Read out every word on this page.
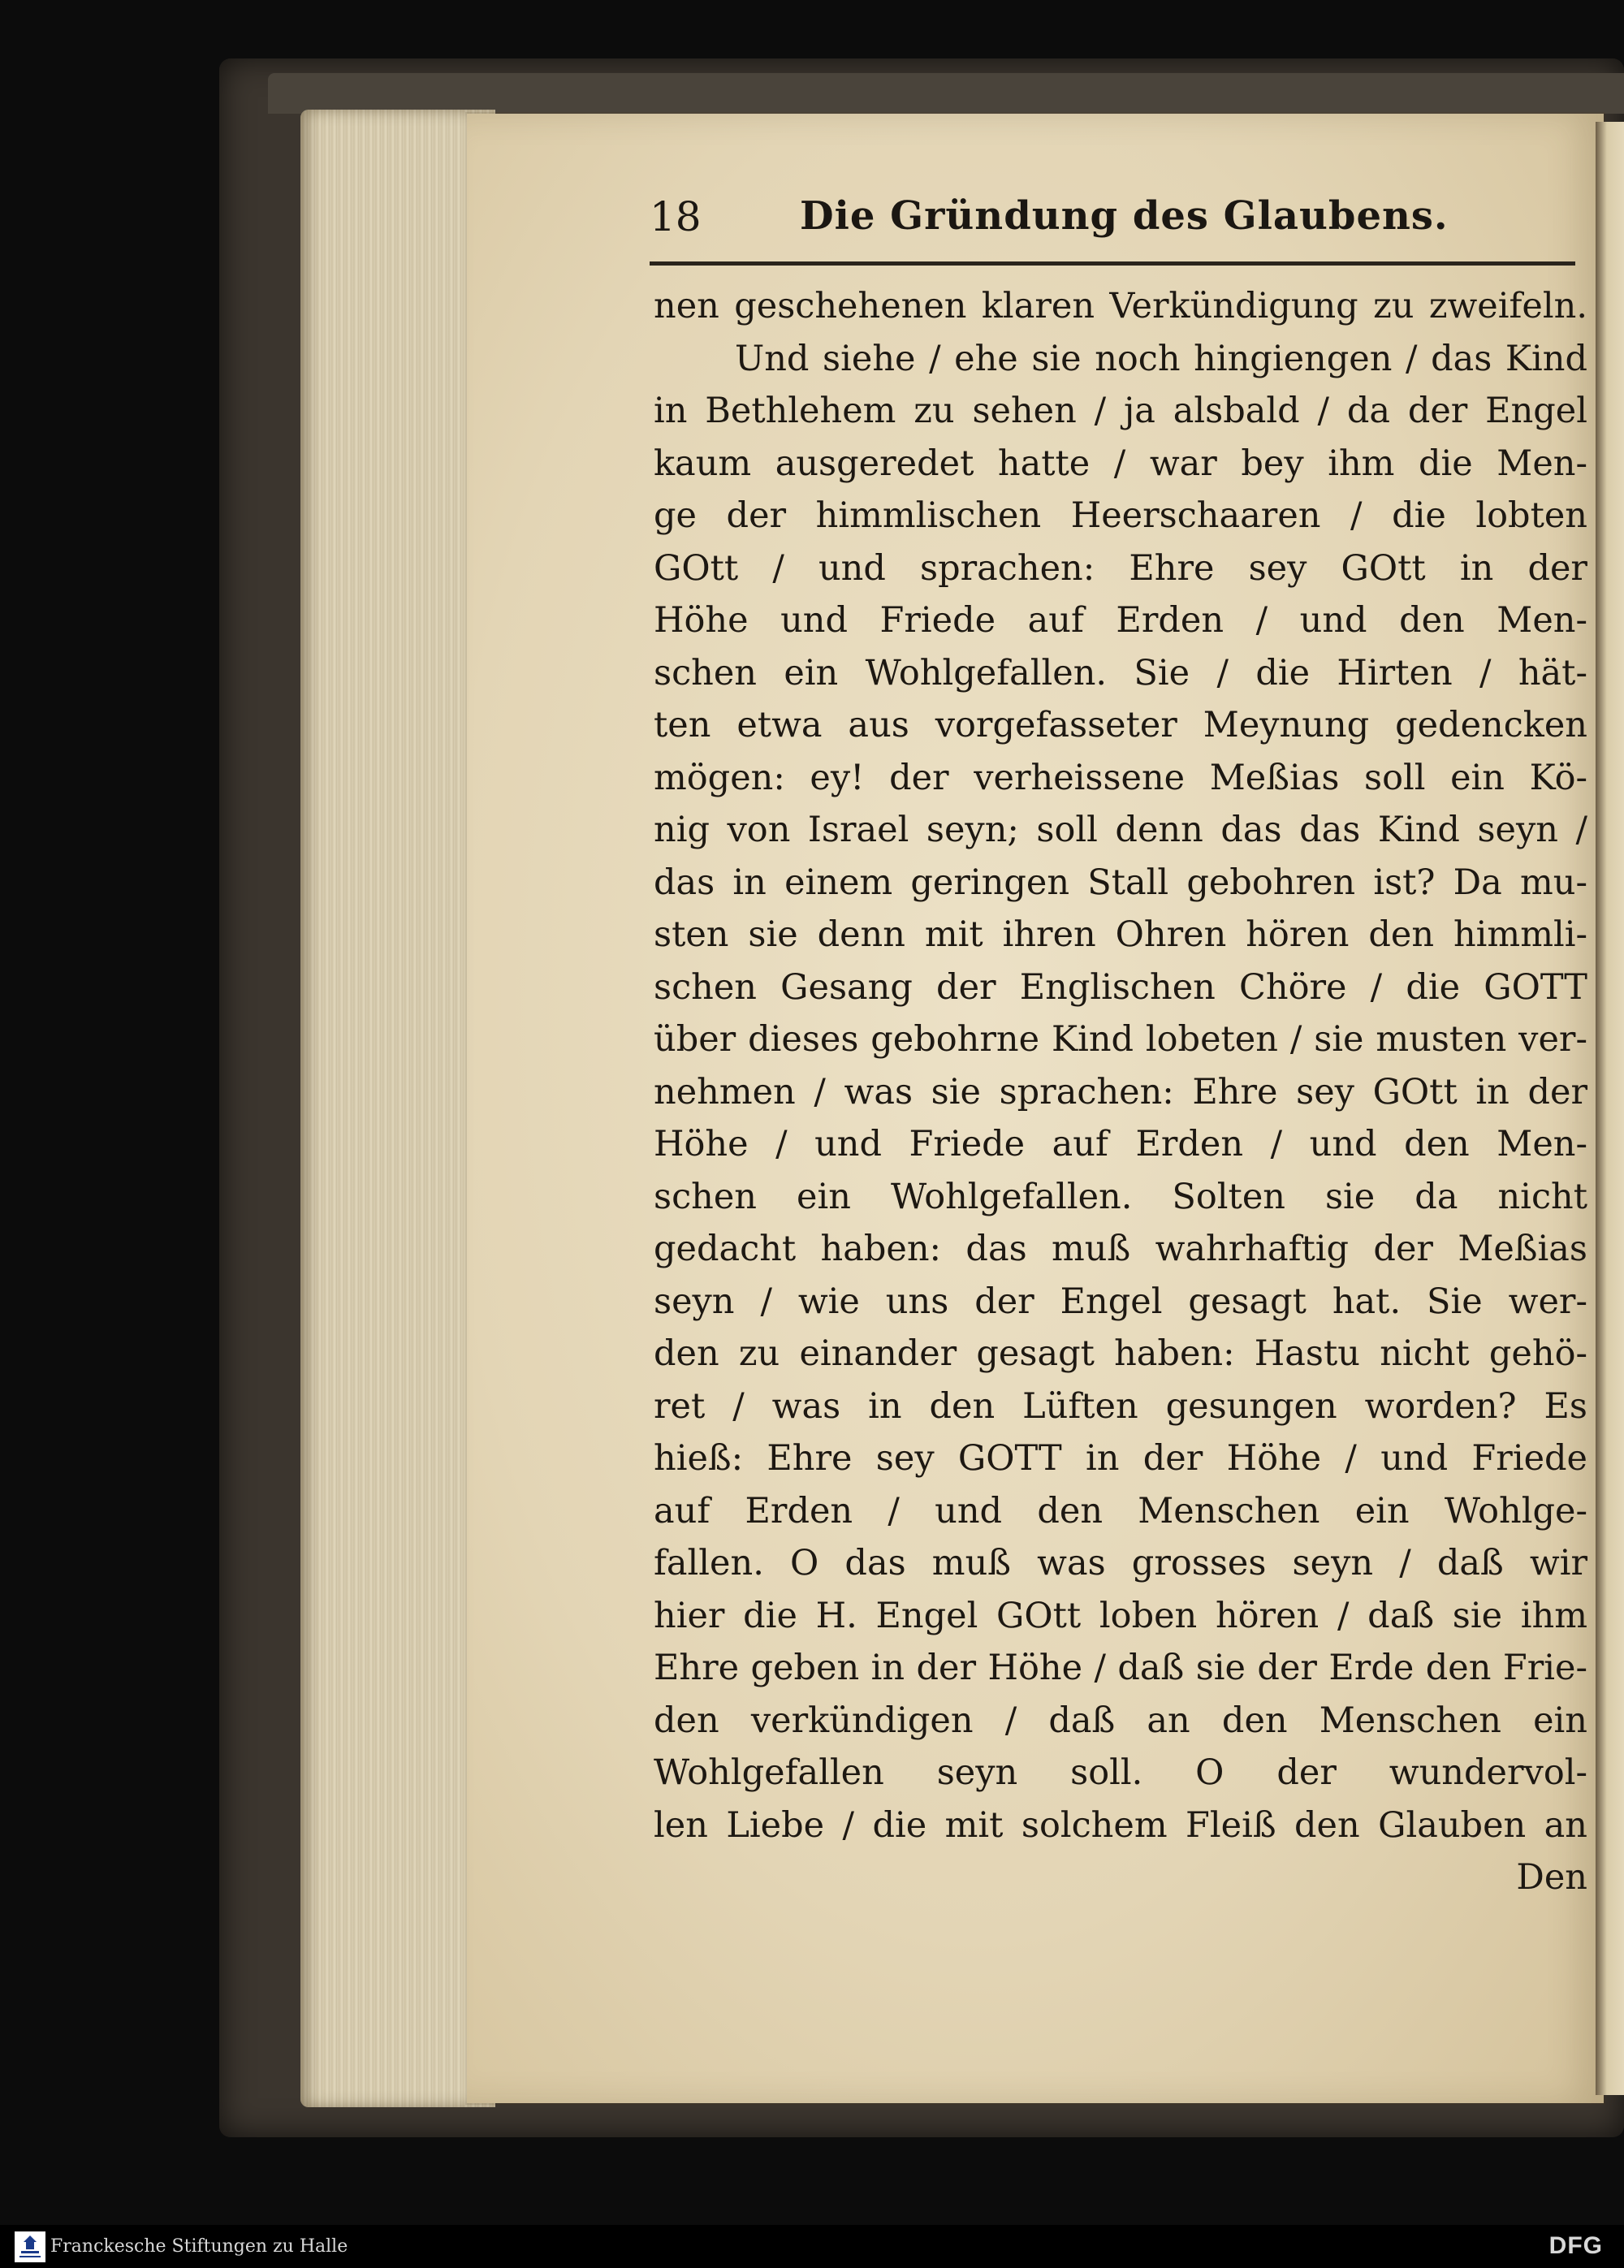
18	Die Gründung des Glaubens.
nen geschehenen klaren Verkündigung zu zweifeln.
Und siehe / ehe sie noch hingiengen / das Kind
in Bethlehem zu sehen / ja alsbald / da der Engel
kaum ausgeredet hatte / war bey ihm die Men-
ge der himmlischen Heerschaaren / die lobten
GOtt / und sprachen: Ehre sey GOtt in der
Höhe und Friede auf Erden / und den Men-
schen ein Wohlgefallen. Sie / die Hirten / hät-
ten etwa aus vorgefasseter Meynung gedencken
mögen: ey! der verheissene Meßias soll ein Kö-
nig von Israel seyn; soll denn das das Kind seyn /
das in einem geringen Stall gebohren ist? Da mu-
sten sie denn mit ihren Ohren hören den himmli-
schen Gesang der Englischen Chöre / die GOTT
über dieses gebohrne Kind lobeten / sie musten ver-
nehmen / was sie sprachen: Ehre sey GOtt in der
Höhe / und Friede auf Erden / und den Men-
schen ein Wohlgefallen. Solten sie da nicht
gedacht haben: das muß wahrhaftig der Meßias
seyn / wie uns der Engel gesagt hat. Sie wer-
den zu einander gesagt haben: Hastu nicht gehö-
ret / was in den Lüften gesungen worden? Es
hieß: Ehre sey GOTT in der Höhe / und Friede
auf Erden / und den Menschen ein Wohlge-
fallen. O das muß was grosses seyn / daß wir
hier die H. Engel GOtt loben hören / daß sie ihm
Ehre geben in der Höhe / daß sie der Erde den Frie-
den verkündigen / daß an den Menschen ein
Wohlgefallen seyn soll. O der wundervol-
len Liebe / die mit solchem Fleiß den Glauben an
Den
Franckesche Stiftungen zu Halle	DFG
